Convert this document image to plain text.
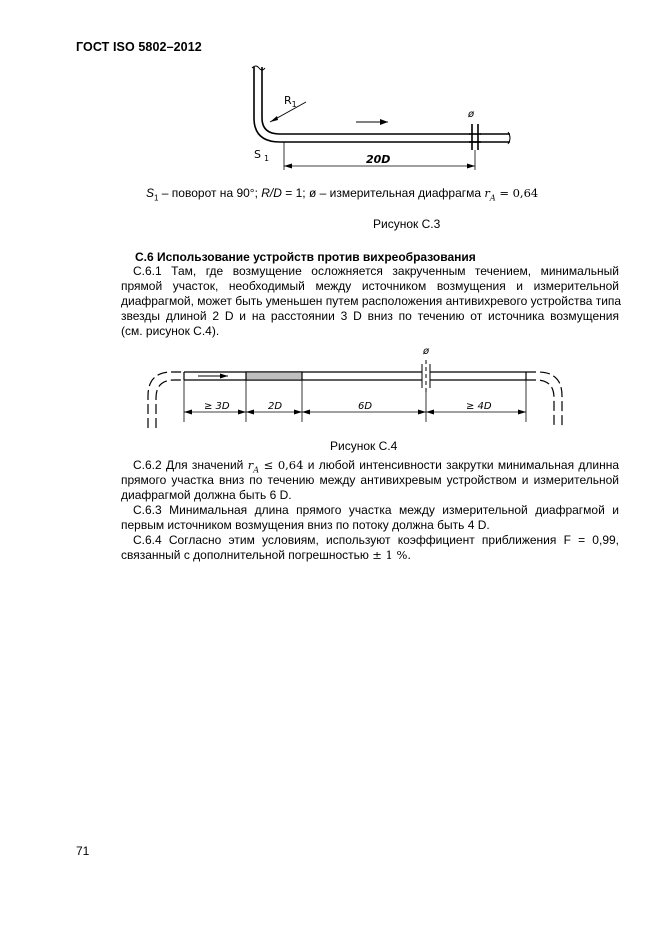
ГОСТ ISO 5802–2012
ø
$R_1$
S $_1$	20D
$S_1$ – поворот на 90°; R/D = 1; ø – измерительная диафрагма $r_A = 0,64$
Рисунок С.3
С.6 Использование устройств против вихреобразования
С.6.1 Там, где возмущение осложняется закрученным течением, минимальный
прямой участок, необходимый между источником возмущения и измерительной
диафрагмой, может быть уменьшен путем расположения антивихревого устройства типа
звезды длиной 2 D и на расстоянии 3 D вниз по течению от источника возмущения
(см. рисунок С.4).
ø
≥ 3D	2D	6D	≥ 4D
Рисунок С.4
С.6.2 Для значений $r_A \le 0,64$ и любой интенсивности закрутки минимальная длинна
прямого участка вниз по течению между антивихревым устройством и измерительной
диафрагмой должна быть 6 D.
С.6.3 Минимальная длина прямого участка между измерительной диафрагмой и
первым источником возмущения вниз по потоку должна быть 4 D.
С.6.4 Согласно этим условиям, используют коэффициент приближения F = 0,99,
связанный с дополнительной погрешностью ± 1 %.
71
